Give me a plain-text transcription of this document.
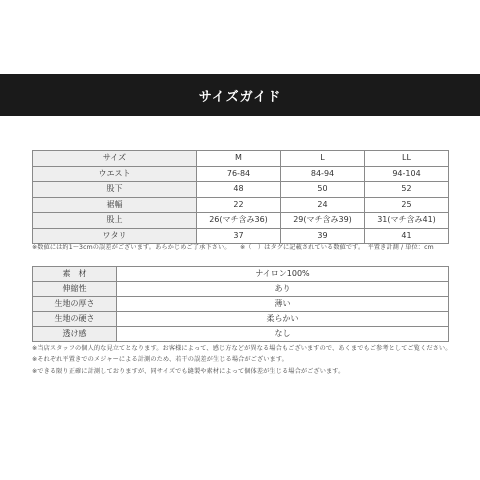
サイズガイド
サイズ	M	L	LL
ウエスト	76-84	84-94	94-104
股下	48	50	52
裾幅	22	24	25
股上	26(マチ含み36)	29(マチ含み39)	31(マチ含み41)
ワタリ	37	39	41
※数値には約1～3cmの誤差がございます。あらかじめご了承下さい。　　※（　）はタグに記載されている数値です。　平置き計測 / 単位：cm
素　材	ナイロン100%
伸縮性	あり
生地の厚さ	薄い
生地の硬さ	柔らかい
透け感	なし
※当店スタッフの個人的な見立てとなります。お客様によって、感じ方などが異なる場合もございますので、あくまでもご参考としてご覧ください。
※それぞれ平置きでのメジャーによる計測のため、若干の誤差が生じる場合がございます。
※できる限り正確に計測しておりますが、同サイズでも縫製や素材によって個体差が生じる場合がございます。
